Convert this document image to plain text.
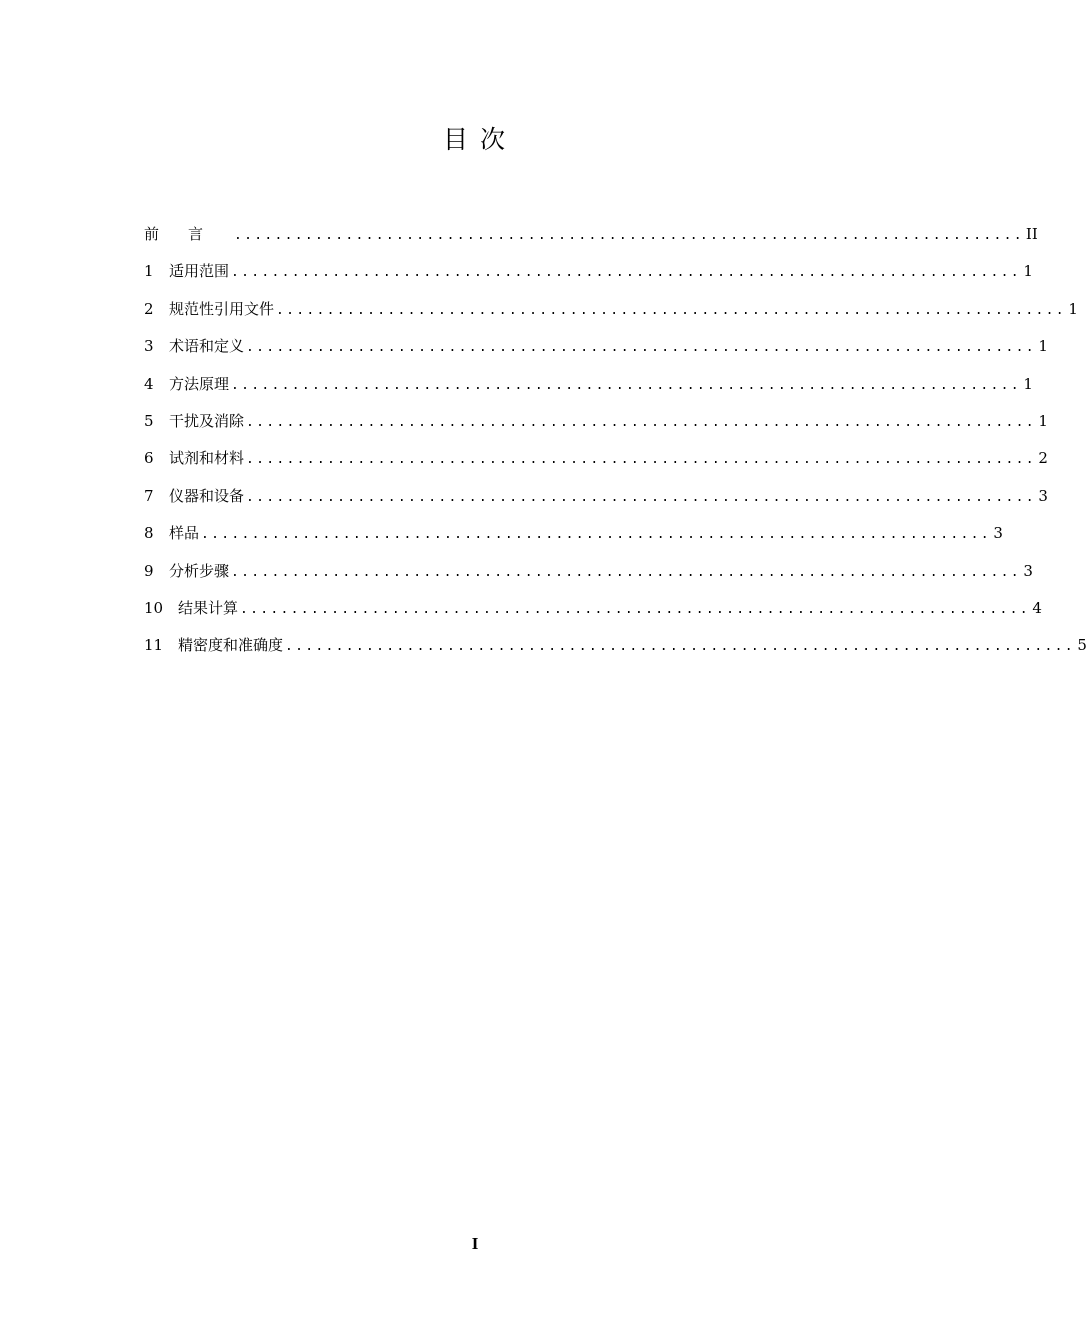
目 次
前言 .............................................................................. II
1	适用范围 .............................................................................. 1
2	规范性引用文件 .............................................................................. 1
3	术语和定义 .............................................................................. 1
4	方法原理 .............................................................................. 1
5	干扰及消除 .............................................................................. 1
6	试剂和材料 .............................................................................. 2
7	仪器和设备 .............................................................................. 3
8	样品 .............................................................................. 3
9	分析步骤 .............................................................................. 3
10 结果计算 .............................................................................. 4
11 精密度和准确度 .............................................................................. 5
I
